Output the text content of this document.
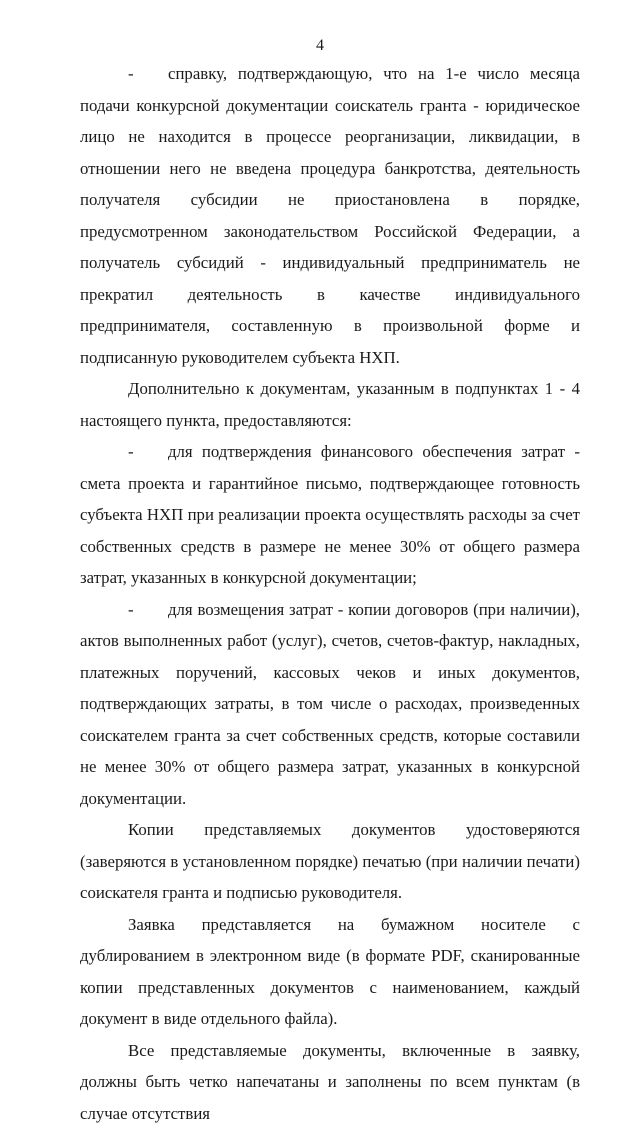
4

- справку, подтверждающую, что на 1-е число месяца подачи конкурсной документации соискатель гранта - юридическое лицо не находится в процессе реорганизации, ликвидации, в отношении него не введена процедура банкротства, деятельность получателя субсидии не приостановлена в порядке, предусмотренном законодательством Российской Федерации, а получатель субсидий - индивидуальный предприниматель не прекратил деятельность в качестве индивидуального предпринимателя, составленную в произвольной форме и подписанную руководителем субъекта НХП.

Дополнительно к документам, указанным в подпунктах 1 - 4 настоящего пункта, предоставляются:

- для подтверждения финансового обеспечения затрат - смета проекта и гарантийное письмо, подтверждающее готовность субъекта НХП при реализации проекта осуществлять расходы за счет собственных средств в размере не менее 30% от общего размера затрат, указанных в конкурсной документации;

- для возмещения затрат - копии договоров (при наличии), актов выполненных работ (услуг), счетов, счетов-фактур, накладных, платежных поручений, кассовых чеков и иных документов, подтверждающих затраты, в том числе о расходах, произведенных соискателем гранта за счет собственных средств, которые составили не менее 30% от общего размера затрат, указанных в конкурсной документации.

Копии представляемых документов удостоверяются (заверяются в установленном порядке) печатью (при наличии печати) соискателя гранта и подписью руководителя.

Заявка представляется на бумажном носителе с дублированием в электронном виде (в формате PDF, сканированные копии представленных документов с наименованием, каждый документ в виде отдельного файла).

Все представляемые документы, включенные в заявку, должны быть четко напечатаны и заполнены по всем пунктам (в случае отсутствия
